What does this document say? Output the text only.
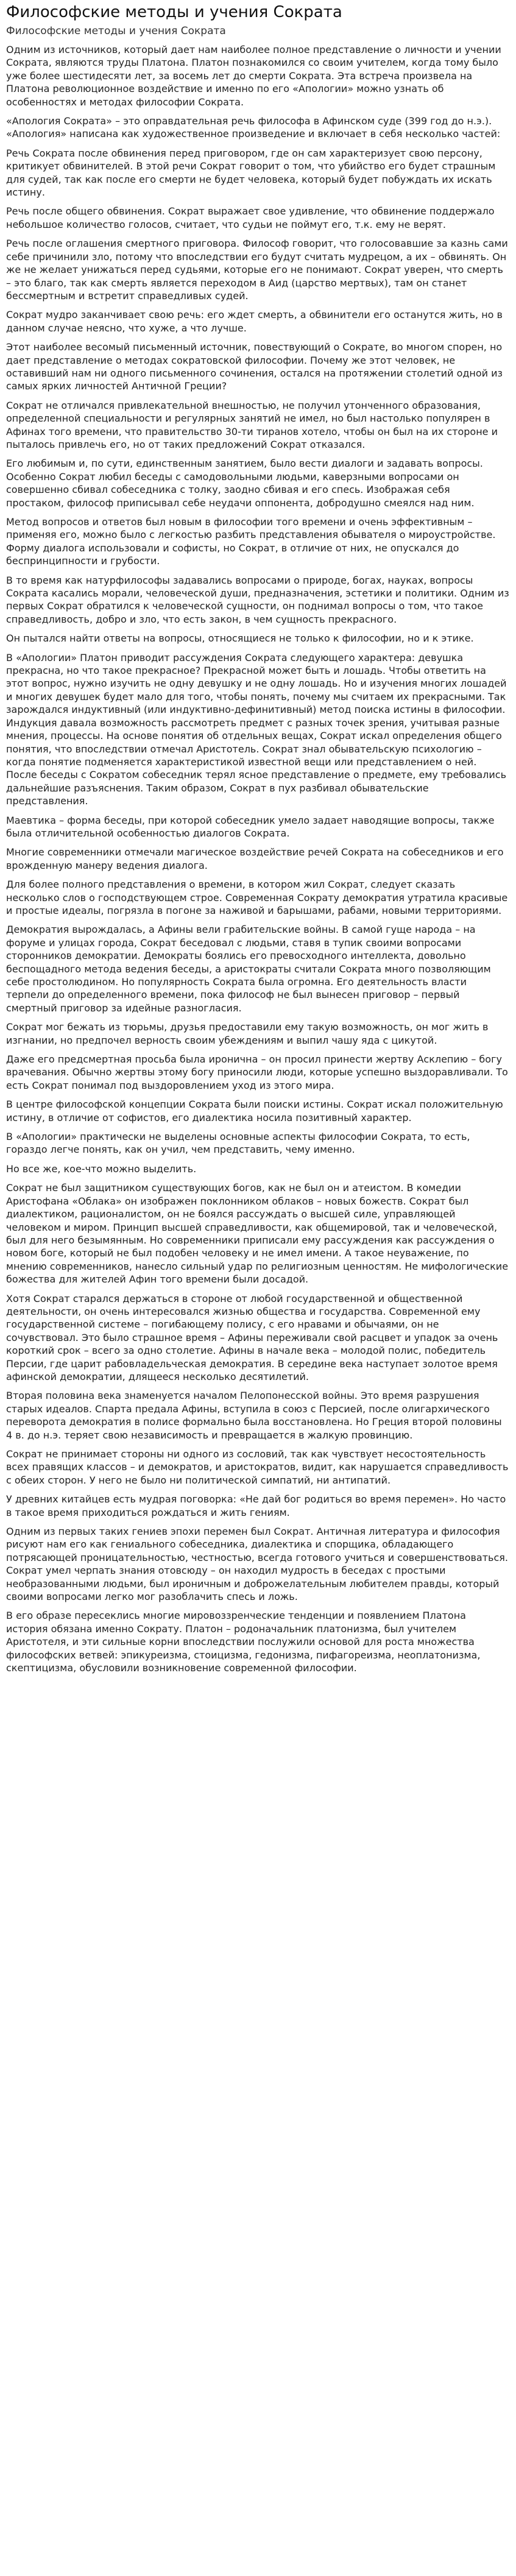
Философские методы и учения Сократа
Философские методы и учения Сократа

Одним из источников, который дает нам наиболее полное представление о личности и учении Сократа, являются труды Платона. Платон познакомился со своим учителем, когда тому было уже более шестидесяти лет, за восемь лет до смерти Сократа. Эта встреча произвела на Платона революционное воздействие и именно по его «Апологии» можно узнать об особенностях и методах философии Сократа.

«Апология Сократа» – это оправдательная речь философа в Афинском суде (399 год до н.э.). «Апология» написана как художественное произведение и включает в себя несколько частей:

Речь Сократа после обвинения перед приговором, где он сам характеризует свою персону, критикует обвинителей. В этой речи Сократ говорит о том, что убийство его будет страшным для судей, так как после его смерти не будет человека, который будет побуждать их искать истину.

Речь после общего обвинения. Сократ выражает свое удивление, что обвинение поддержало небольшое количество голосов, считает, что судьи не поймут его, т.к. ему не верят.

Речь после оглашения смертного приговора. Философ говорит, что голосовавшие за казнь сами себе причинили зло, потому что впоследствии его будут считать мудрецом, а их – обвинять. Он же не желает унижаться перед судьями, которые его не понимают. Сократ уверен, что смерть – это благо, так как смерть является переходом в Аид (царство мертвых), там он станет бессмертным и встретит справедливых судей.

Сократ мудро заканчивает свою речь: его ждет смерть, а обвинители его останутся жить, но в данном случае неясно, что хуже, а что лучше.

Этот наиболее весомый письменный источник, повествующий о Сократе, во многом спорен, но дает представление о методах сократовской философии. Почему же этот человек, не оставивший нам ни одного письменного сочинения, остался на протяжении столетий одной из самых ярких личностей Античной Греции?

Сократ не отличался привлекательной внешностью, не получил утонченного образования, определенной специальности и регулярных занятий не имел, но был настолько популярен в Афинах того времени, что правительство 30-ти тиранов хотело, чтобы он был на их стороне и пыталось привлечь его, но от таких предложений Сократ отказался.

Его любимым и, по сути, единственным занятием, было вести диалоги и задавать вопросы. Особенно Сократ любил беседы с самодовольными людьми, каверзными вопросами он совершенно сбивал собеседника с толку, заодно сбивая и его спесь. Изображая себя простаком, философ приписывал себе неудачи оппонента, добродушно смеялся над ним.

Метод вопросов и ответов был новым в философии того времени и очень эффективным – применяя его, можно было с легкостью разбить представления обывателя о мироустройстве. Форму диалога использовали и софисты, но Сократ, в отличие от них, не опускался до беспринципности и грубости.

В то время как натурфилософы задавались вопросами о природе, богах, науках, вопросы Сократа касались морали, человеческой души, предназначения, эстетики и политики. Одним из первых Сократ обратился к человеческой сущности, он поднимал вопросы о том, что такое справедливость, добро и зло, что есть закон, в чем сущность прекрасного.

Он пытался найти ответы на вопросы, относящиеся не только к философии, но и к этике.

В «Апологии» Платон приводит рассуждения Сократа следующего характера: девушка прекрасна, но что такое прекрасное? Прекрасной может быть и лошадь. Чтобы ответить на этот вопрос, нужно изучить не одну девушку и не одну лошадь. Но и изучения многих лошадей и многих девушек будет мало для того, чтобы понять, почему мы считаем их прекрасными. Так зарождался индуктивный (или индуктивно-дефинитивный) метод поиска истины в философии. Индукция давала возможность рассмотреть предмет с разных точек зрения, учитывая разные мнения, процессы. На основе понятия об отдельных вещах, Сократ искал определения общего понятия, что впоследствии отмечал Аристотель. Сократ знал обывательскую психологию – когда понятие подменяется характеристикой известной вещи или представлением о ней. После беседы с Сократом собеседник терял ясное представление о предмете, ему требовались дальнейшие разъяснения. Таким образом, Сократ в пух разбивал обывательские представления.

Маевтика – форма беседы, при которой собеседник умело задает наводящие вопросы, также была отличительной особенностью диалогов Сократа.

Многие современники отмечали магическое воздействие речей Сократа на собеседников и его врожденную манеру ведения диалога.

Для более полного представления о времени, в котором жил Сократ, следует сказать несколько слов о господствующем строе. Современная Сократу демократия утратила красивые и простые идеалы, погрязла в погоне за наживой и барышами, рабами, новыми территориями.

Демократия вырождалась, а Афины вели грабительские войны. В самой гуще народа – на форуме и улицах города, Сократ беседовал с людьми, ставя в тупик своими вопросами сторонников демократии. Демократы боялись его превосходного интеллекта, довольно беспощадного метода ведения беседы, а аристократы считали Сократа много позволяющим себе простолюдином. Но популярность Сократа была огромна. Его деятельность власти терпели до определенного времени, пока философ не был вынесен приговор – первый смертный приговор за идейные разногласия.

Сократ мог бежать из тюрьмы, друзья предоставили ему такую возможность, он мог жить в изгнании, но предпочел верность своим убеждениям и выпил чашу яда с цикутой.

Даже его предсмертная просьба была иронична – он просил принести жертву Асклепию – богу врачевания. Обычно жертвы этому богу приносили люди, которые успешно выздоравливали. То есть Сократ понимал под выздоровлением уход из этого мира.

В центре философской концепции Сократа были поиски истины. Сократ искал положительную истину, в отличие от софистов, его диалектика носила позитивный характер.

В «Апологии» практически не выделены основные аспекты философии Сократа, то есть, гораздо легче понять, как он учил, чем представить, чему именно.

Но все же, кое-что можно выделить.

Сократ не был защитником существующих богов, как не был он и атеистом. В комедии Аристофана «Облака» он изображен поклонником облаков – новых божеств. Сократ был диалектиком, рационалистом, он не боялся рассуждать о высшей силе, управляющей человеком и миром. Принцип высшей справедливости, как общемировой, так и человеческой, был для него безымянным. Но современники приписали ему рассуждения как рассуждения о новом боге, который не был подобен человеку и не имел имени. А такое неуважение, по мнению современников, нанесло сильный удар по религиозным ценностям. Не мифологические божества для жителей Афин того времени были досадой.

Хотя Сократ старался держаться в стороне от любой государственной и общественной деятельности, он очень интересовался жизнью общества и государства. Современной ему государственной системе – погибающему полису, с его нравами и обычаями, он не сочувствовал. Это было страшное время – Афины переживали свой расцвет и упадок за очень короткий срок – всего за одно столетие. Афины в начале века – молодой полис, победитель Персии, где царит рабовладельческая демократия. В середине века наступает золотое время афинской демократии, длящееся несколько десятилетий.

Вторая половина века знаменуется началом Пелопонесской войны. Это время разрушения старых идеалов. Спарта предала Афины, вступила в союз с Персией, после олигархического переворота демократия в полисе формально была восстановлена. Но Греция второй половины 4 в. до н.э. теряет свою независимость и превращается в жалкую провинцию.

Сократ не принимает стороны ни одного из сословий, так как чувствует несостоятельность всех правящих классов – и демократов, и аристократов, видит, как нарушается справедливость с обеих сторон. У него не было ни политической симпатий, ни антипатий.

У древних китайцев есть мудрая поговорка: «Не дай бог родиться во время перемен». Но часто в такое время приходиться рождаться и жить гениям.

Одним из первых таких гениев эпохи перемен был Сократ. Античная литература и философия рисуют нам его как гениального собеседника, диалектика и спорщика, обладающего потрясающей проницательностью, честностью, всегда готового учиться и совершенствоваться. Сократ умел черпать знания отовсюду – он находил мудрость в беседах с простыми необразованными людьми, был ироничным и доброжелательным любителем правды, который своими вопросами легко мог разоблачить спесь и ложь.

В его образе пересеклись многие мировоззренческие тенденции и появлением Платона история обязана именно Сократу. Платон – родоначальник платонизма, был учителем Аристотеля, и эти сильные корни впоследствии послужили основой для роста множества философских ветвей: эпикуреизма, стоицизма, гедонизма, пифагореизма, неоплатонизма, скептицизма, обусловили возникновение современной философии.
